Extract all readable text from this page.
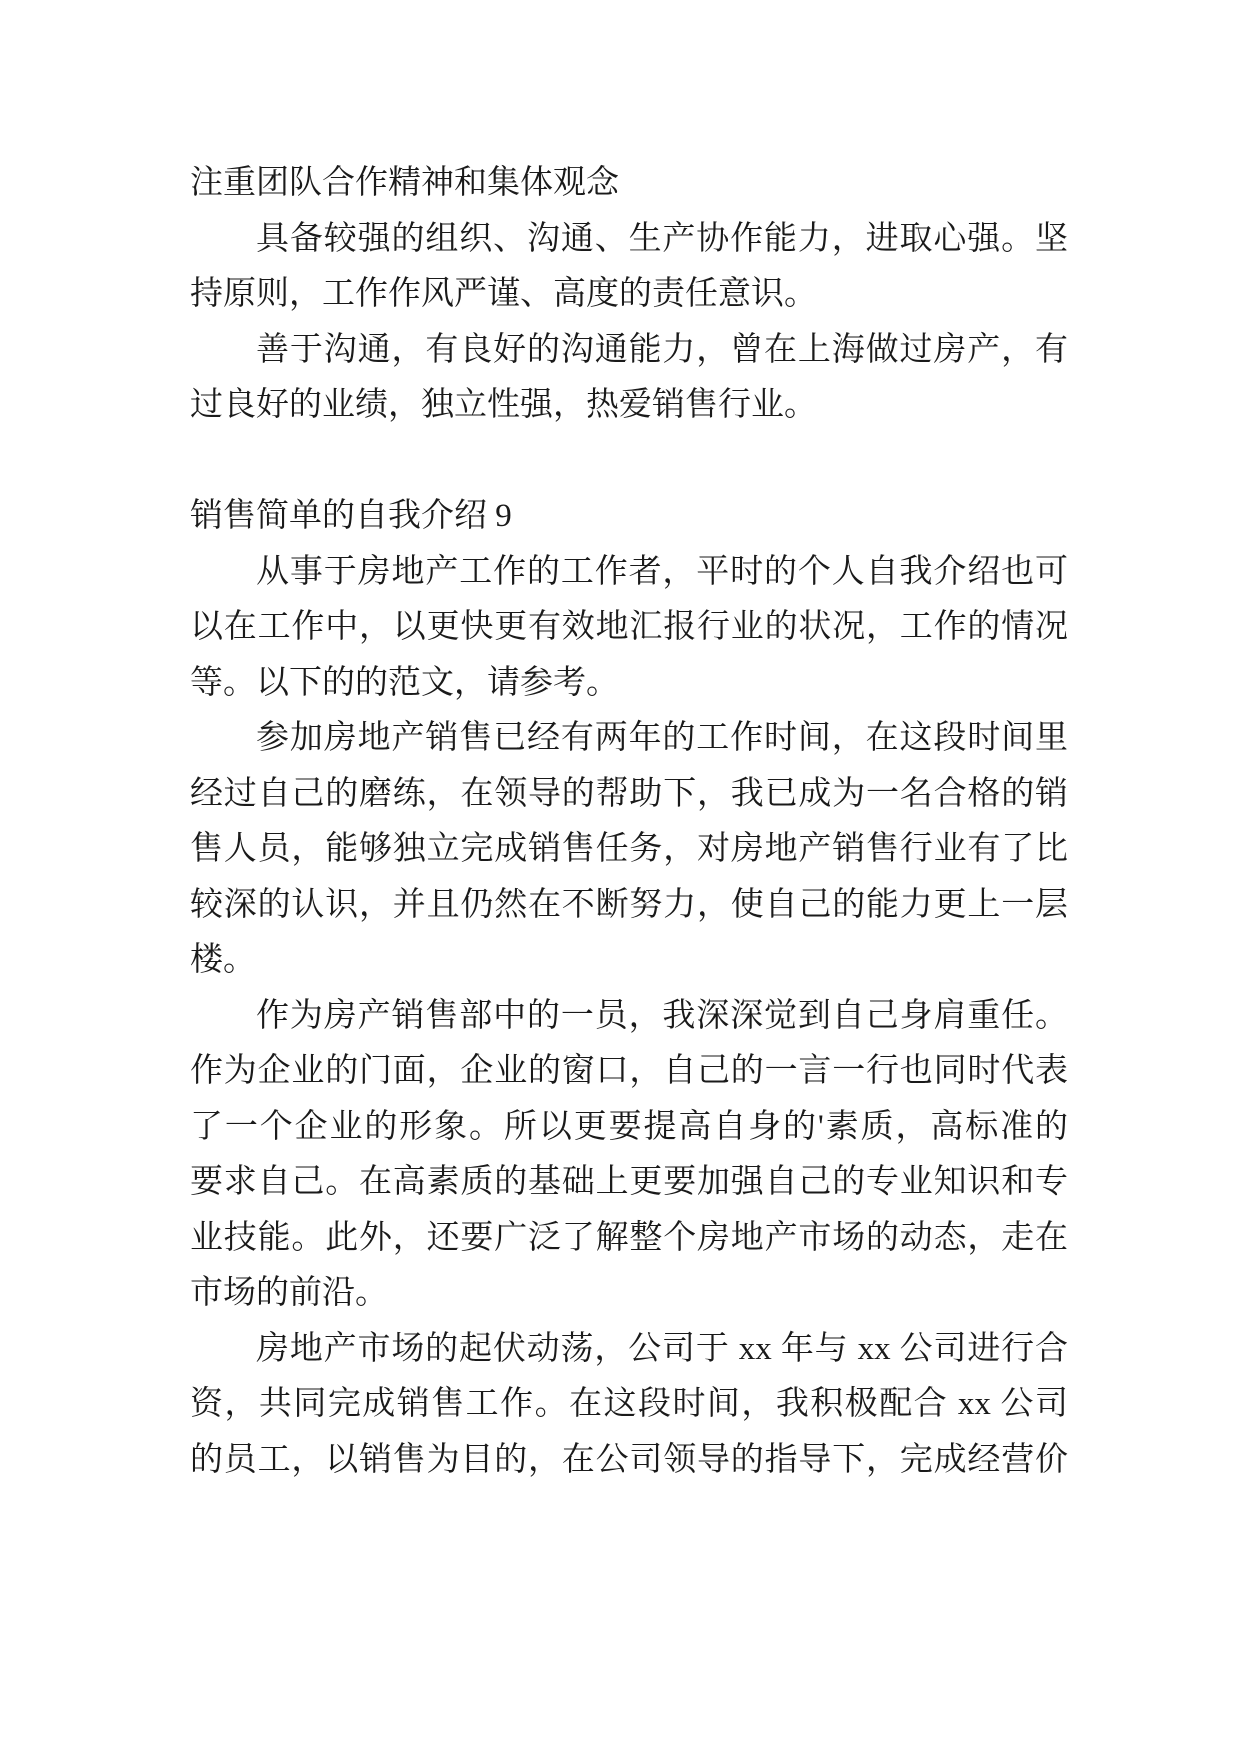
注重团队合作精神和集体观念
具备较强的组织、沟通、生产协作能力，进取心强。坚
持原则，工作作风严谨、高度的责任意识。
善于沟通，有良好的沟通能力，曾在上海做过房产，有
过良好的业绩，独立性强，热爱销售行业。
销售简单的自我介绍 9
从事于房地产工作的工作者，平时的个人自我介绍也可
以在工作中，以更快更有效地汇报行业的状况，工作的情况
等。以下的的范文，请参考。
参加房地产销售已经有两年的工作时间，在这段时间里
经过自己的磨练，在领导的帮助下，我已成为一名合格的销
售人员，能够独立完成销售任务，对房地产销售行业有了比
较深的认识，并且仍然在不断努力，使自己的能力更上一层
楼。
作为房产销售部中的一员，我深深觉到自己身肩重任。
作为企业的门面，企业的窗口，自己的一言一行也同时代表
了一个企业的形象。所以更要提高自身的'素质，高标准的
要求自己。在高素质的基础上更要加强自己的专业知识和专
业技能。此外，还要广泛了解整个房地产市场的动态，走在
市场的前沿。
房地产市场的起伏动荡，公司于 xx 年与 xx 公司进行合
资，共同完成销售工作。在这段时间，我积极配合 xx 公司
的员工，以销售为目的，在公司领导的指导下，完成经营价
